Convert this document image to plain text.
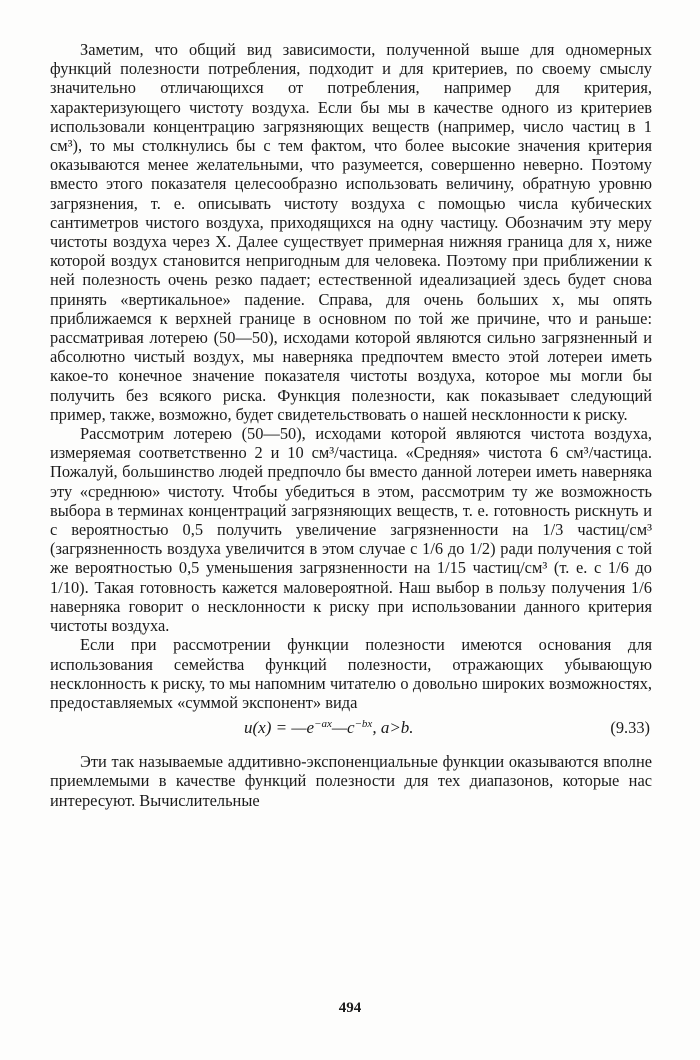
Заметим, что общий вид зависимости, полученной выше для одномерных функций полезности потребления, подходит и для критериев, по своему смыслу значительно отличающихся от потребления, например для критерия, характеризующего чистоту воздуха. Если бы мы в качестве одного из критериев использовали концентрацию загрязняющих веществ (например, число частиц в 1 см³), то мы столкнулись бы с тем фактом, что более высокие значения критерия оказываются менее желательными, что разумеется, совершенно неверно. Поэтому вместо этого показателя целесообразно использовать величину, обратную уровню загрязнения, т. е. описывать чистоту воздуха с помощью числа кубических сантиметров чистого воздуха, приходящихся на одну частицу. Обозначим эту меру чистоты воздуха через X. Далее существует примерная нижняя граница для x, ниже которой воздух становится непригодным для человека. Поэтому при приближении к ней полезность очень резко падает; естественной идеализацией здесь будет снова принять «вертикальное» падение. Справа, для очень больших x, мы опять приближаемся к верхней границе в основном по той же причине, что и раньше: рассматривая лотерею (50—50), исходами которой являются сильно загрязненный и абсолютно чистый воздух, мы наверняка предпочтем вместо этой лотереи иметь какое-то конечное значение показателя чистоты воздуха, которое мы могли бы получить без всякого риска. Функция полезности, как показывает следующий пример, также, возможно, будет свидетельствовать о нашей несклонности к риску.

Рассмотрим лотерею (50—50), исходами которой являются чистота воздуха, измеряемая соответственно 2 и 10 см³/частица. «Средняя» чистота 6 см³/частица. Пожалуй, большинство людей предпочло бы вместо данной лотереи иметь наверняка эту «среднюю» чистоту. Чтобы убедиться в этом, рассмотрим ту же возможность выбора в терминах концентраций загрязняющих веществ, т. е. готовность рискнуть и с вероятностью 0,5 получить увеличение загрязненности на 1/3 частиц/см³ (загрязненность воздуха увеличится в этом случае с 1/6 до 1/2) ради получения с той же вероятностью 0,5 уменьшения загрязненности на 1/15 частиц/см³ (т. е. с 1/6 до 1/10). Такая готовность кажется маловероятной. Наш выбор в пользу получения 1/6 наверняка говорит о несклонности к риску при использовании данного критерия чистоты воздуха.

Если при рассмотрении функции полезности имеются основания для использования семейства функций полезности, отражающих убывающую несклонность к риску, то мы напомним читателю о довольно широких возможностях, предоставляемых «суммой экспонент» вида

$u(x) = —e^{-ax}—c^{-bx}$, a>b.	(9.33)

Эти так называемые аддитивно-экспоненциальные функции оказываются вполне приемлемыми в качестве функций полезности для тех диапазонов, которые нас интересуют. Вычислительные

494
